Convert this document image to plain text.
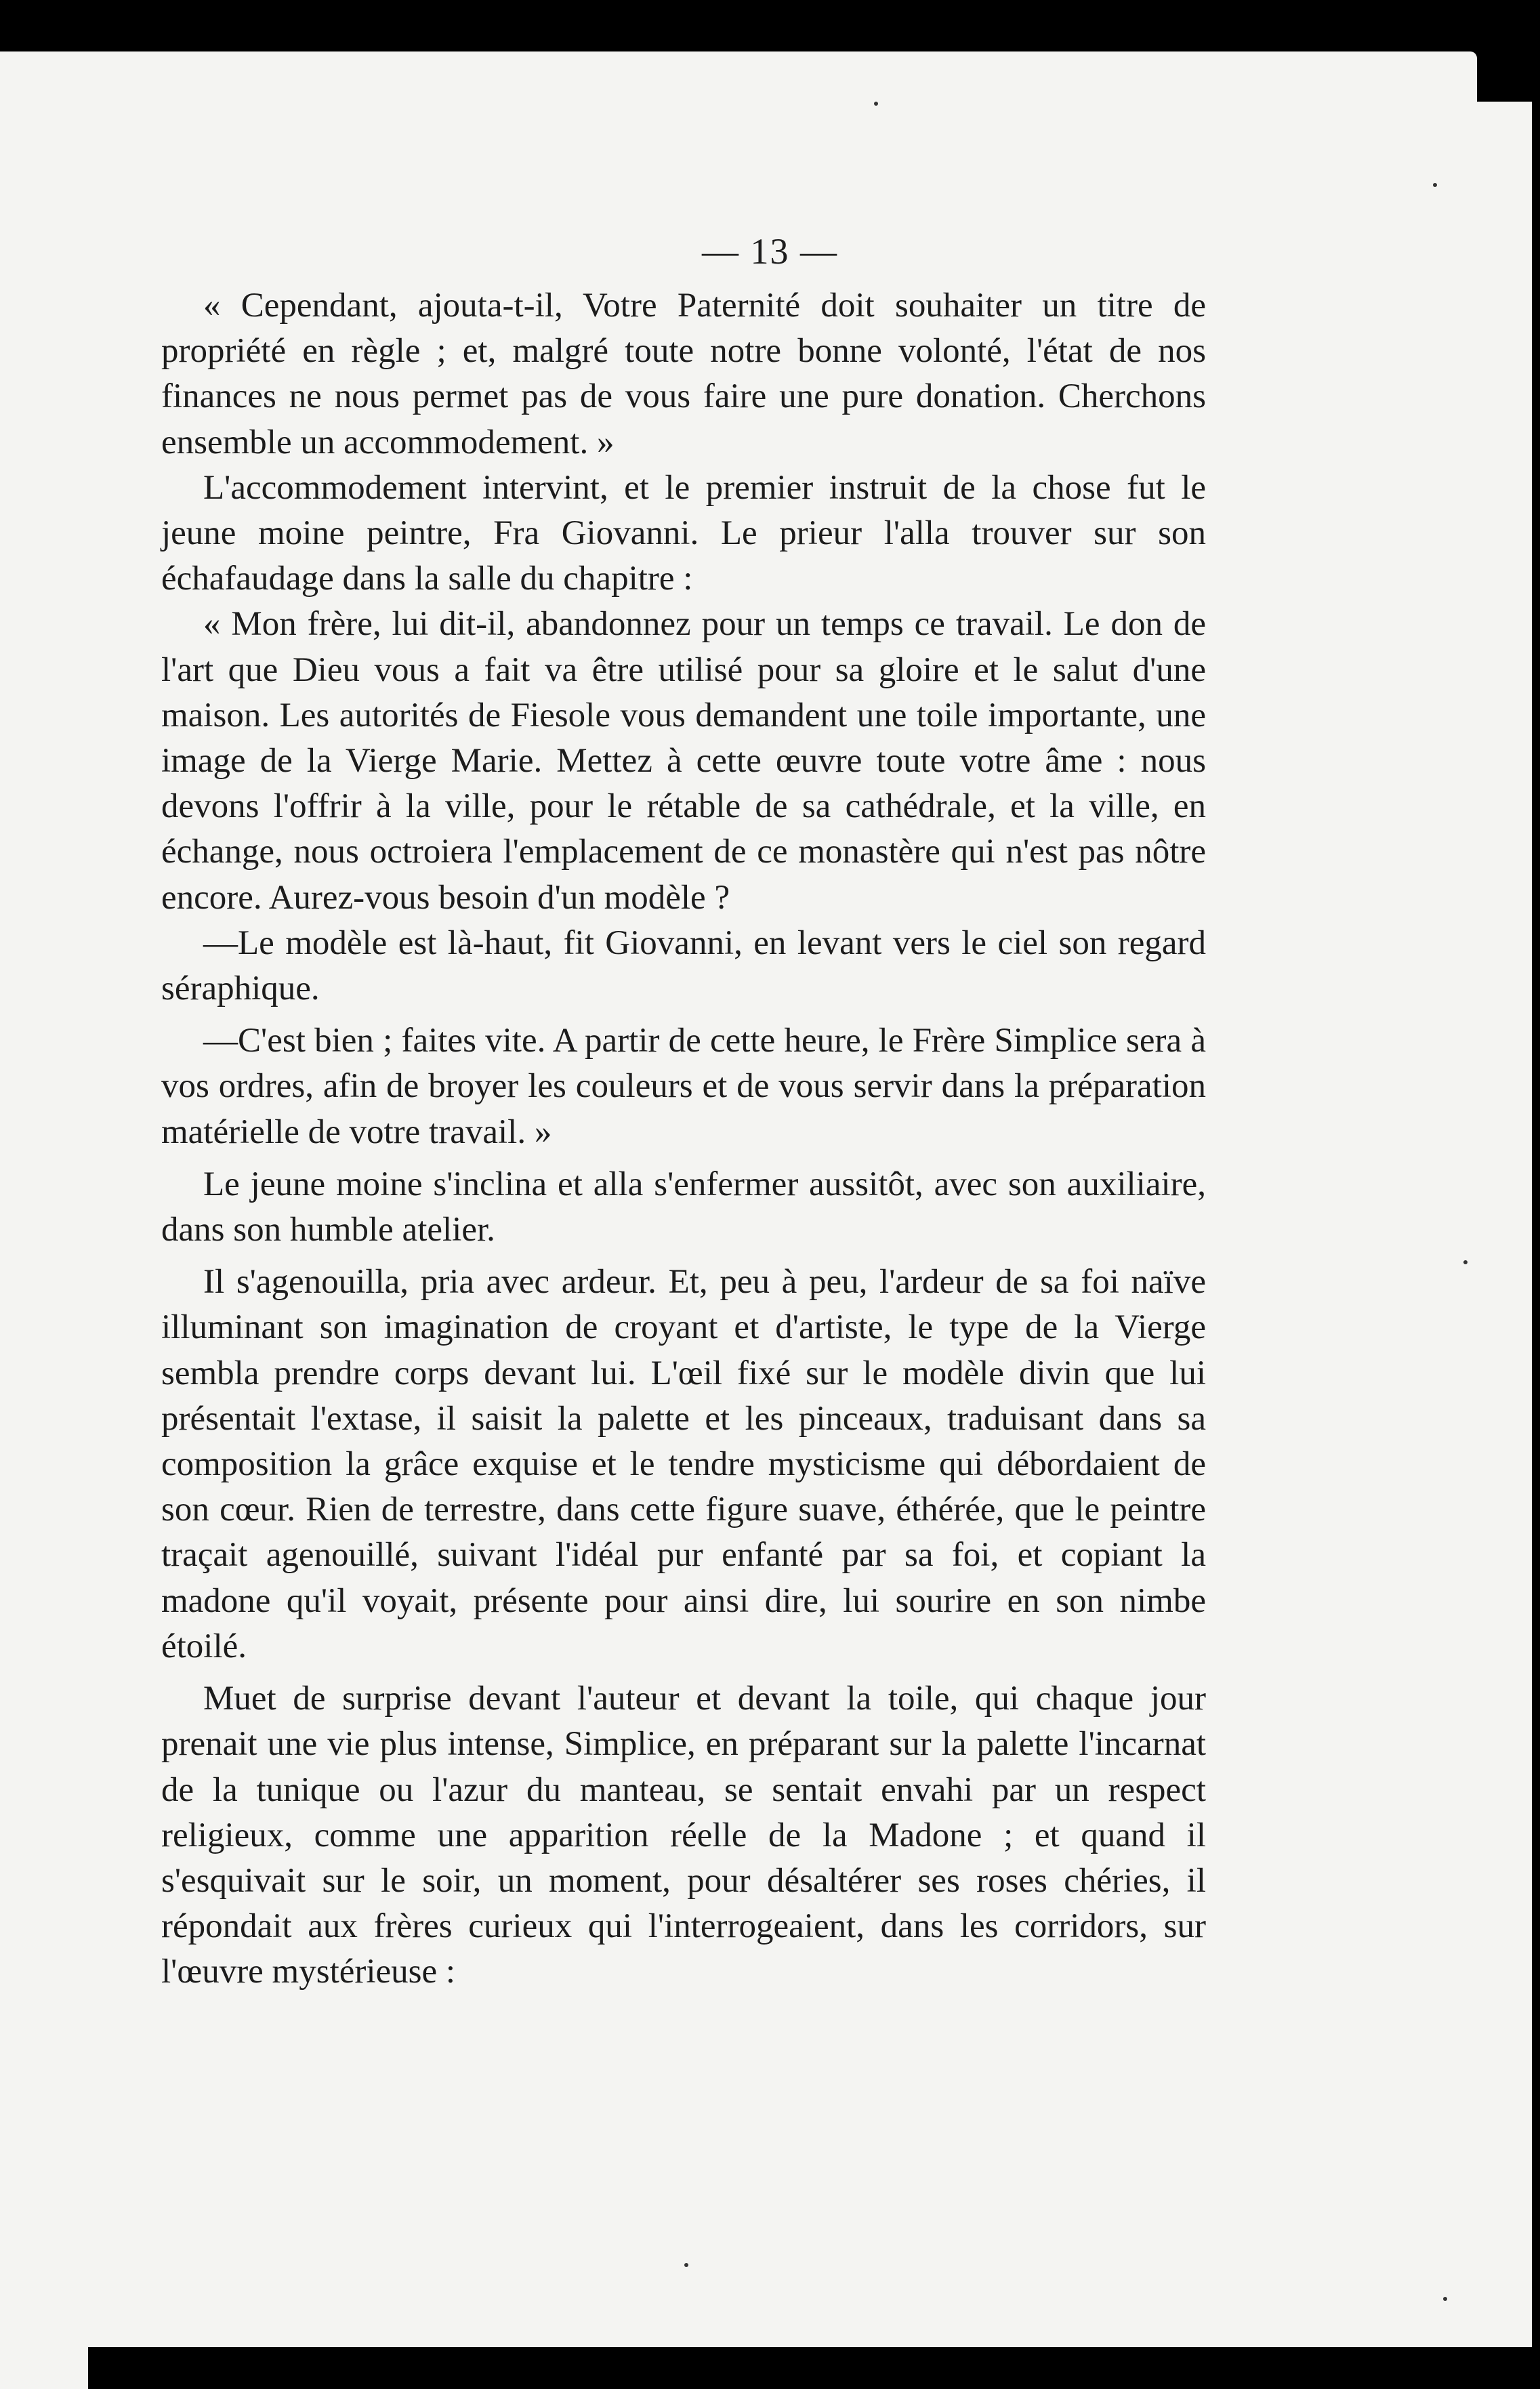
— 13 —

« Cependant, ajouta-t-il, Votre Paternité doit souhaiter un titre de propriété en règle ; et, malgré toute notre bonne volonté, l'état de nos finances ne nous permet pas de vous faire une pure donation. Cherchons ensemble un accommodement. »

L'accommodement intervint, et le premier instruit de la chose fut le jeune moine peintre, Fra Giovanni. Le prieur l'alla trouver sur son échafaudage dans la salle du chapitre :

« Mon frère, lui dit-il, abandonnez pour un temps ce travail. Le don de l'art que Dieu vous a fait va être utilisé pour sa gloire et le salut d'une maison. Les autorités de Fiesole vous demandent une toile importante, une image de la Vierge Marie. Mettez à cette œuvre toute votre âme : nous devons l'offrir à la ville, pour le rétable de sa cathédrale, et la ville, en échange, nous octroiera l'emplacement de ce monastère qui n'est pas nôtre encore. Aurez-vous besoin d'un modèle ?

—Le modèle est là-haut, fit Giovanni, en levant vers le ciel son regard séraphique.

—C'est bien ; faites vite. A partir de cette heure, le Frère Simplice sera à vos ordres, afin de broyer les couleurs et de vous servir dans la préparation matérielle de votre travail. »

Le jeune moine s'inclina et alla s'enfermer aussitôt, avec son auxiliaire, dans son humble atelier.

Il s'agenouilla, pria avec ardeur. Et, peu à peu, l'ardeur de sa foi naïve illuminant son imagination de croyant et d'artiste, le type de la Vierge sembla prendre corps devant lui. L'œil fixé sur le modèle divin que lui présentait l'extase, il saisit la palette et les pinceaux, traduisant dans sa composition la grâce exquise et le tendre mysticisme qui débordaient de son cœur. Rien de terrestre, dans cette figure suave, éthérée, que le peintre traçait agenouillé, suivant l'idéal pur enfanté par sa foi, et copiant la madone qu'il voyait, présente pour ainsi dire, lui sourire en son nimbe étoilé.

Muet de surprise devant l'auteur et devant la toile, qui chaque jour prenait une vie plus intense, Simplice, en préparant sur la palette l'incarnat de la tunique ou l'azur du manteau, se sentait envahi par un respect religieux, comme une apparition réelle de la Madone ; et quand il s'esquivait sur le soir, un moment, pour désaltérer ses roses chéries, il répondait aux frères curieux qui l'interrogeaient, dans les corridors, sur l'œuvre mystérieuse :
